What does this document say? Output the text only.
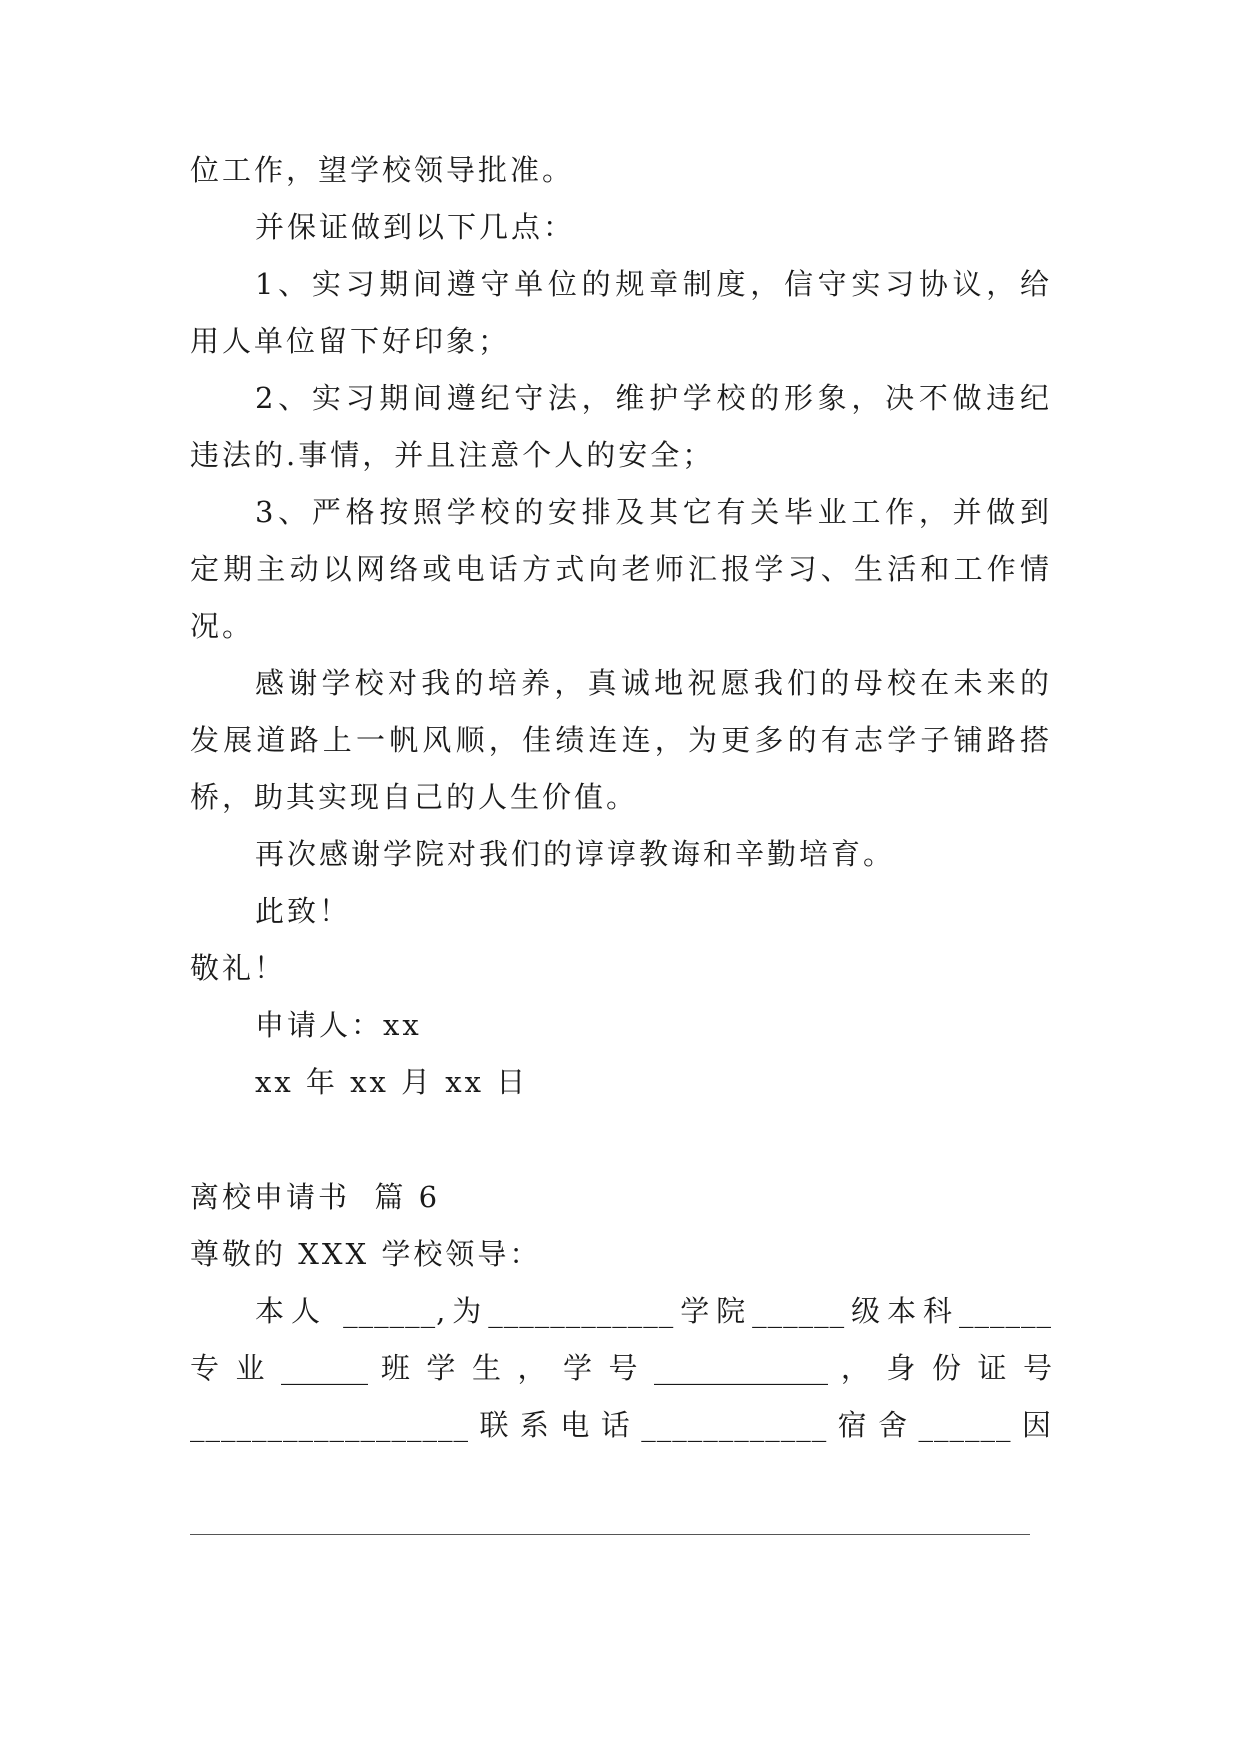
位工作，望学校领导批准。
并保证做到以下几点：
1、实习期间遵守单位的规章制度，信守实习协议，给
用人单位留下好印象；
2、实习期间遵纪守法，维护学校的形象，决不做违纪
违法的.事情，并且注意个人的安全；
3、严格按照学校的安排及其它有关毕业工作，并做到
定期主动以网络或电话方式向老师汇报学习、生活和工作情
况。
感谢学校对我的培养，真诚地祝愿我们的母校在未来的
发展道路上一帆风顺，佳绩连连，为更多的有志学子铺路搭
桥，助其实现自己的人生价值。
再次感谢学院对我们的谆谆教诲和辛勤培育。
此致！
敬礼！
申请人：xx
xx 年 xx 月 xx 日
离校申请书  篇 6
尊敬的 XXX 学校领导：
本人 ______,为____________学院______级本科______
专 业 ______ 班 学 生 ， 学 号 ____________ ， 身 份 证 号
__________________联系电话____________宿舍______因
